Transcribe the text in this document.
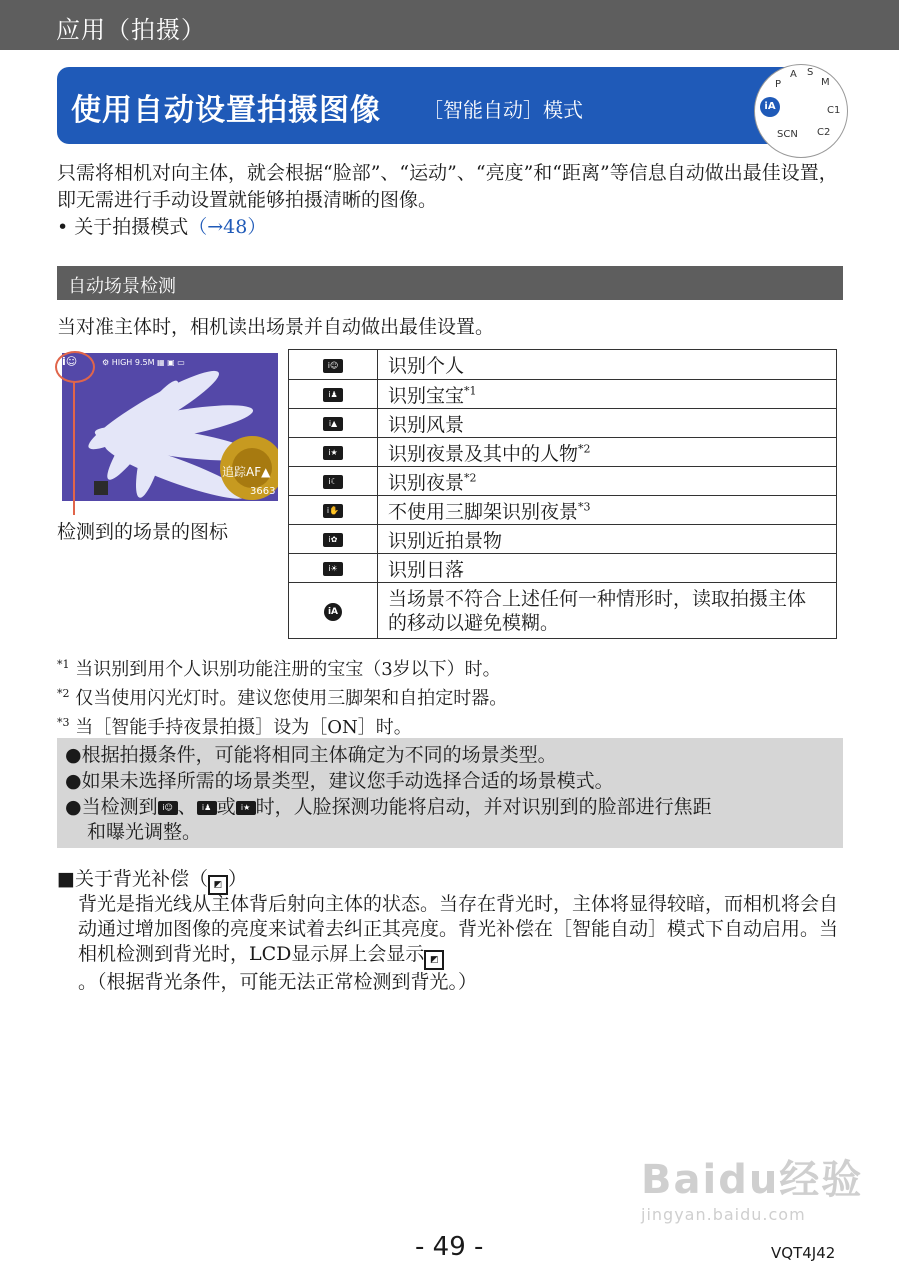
应用（拍摄）
使用自动设置拍摄图像 ［智能自动］模式	iA
P
A S
M
C1
C2
SCN
只需将相机对向主体，就会根据“脸部”、“运动”、“亮度”和“距离”等信息自动做出最佳设置，即无需进行手动设置就能够拍摄清晰的图像。
• 关于拍摄模式（→48）
自动场景检测
当对准主体时，相机读出场景并自动做出最佳设置。
i☺	⚙ HIGH 9.5M ▦ ▣ ▭
追踪AF▲
3663
检测到的场景的图标
i☺	识别个人
i♟	识别宝宝$^{*1}$
i▲	识别风景
i★	识别夜景及其中的人物$^{*2}$
i☾	识别夜景$^{*2}$
i✋	不使用三脚架识别夜景$^{*3}$
i✿	识别近拍景物
i☀	识别日落
iA	当场景不符合上述任何一种情形时，读取拍摄主体的移动以避免模糊。
$^{*1}$ 当识别到用个人识别功能注册的宝宝（3岁以下）时。
$^{*2}$ 仅当使用闪光灯时。建议您使用三脚架和自拍定时器。
$^{*3}$ 当［智能手持夜景拍摄］设为［ON］时。
●根据拍摄条件，可能将相同主体确定为不同的场景类型。
●如果未选择所需的场景类型，建议您手动选择合适的场景模式。
●当检测到 i☺ 、 i♟ 或 i★ 时，人脸探测功能将启动，并对识别到的脸部进行焦距
和曝光调整。
■关于背光补偿（ ◩ ）
背光是指光线从主体背后射向主体的状态。当存在背光时，主体将显得较暗，而相机将会自动通过增加图像的亮度来试着去纠正其亮度。背光补偿在［智能自动］模式下自动启用。当相机检测到背光时，LCD显示屏上会显示 ◩。（根据背光条件，可能无法正常检测到背光。）
Baidu经验
jingyan.baidu.com
- 49 -	VQT4J42
